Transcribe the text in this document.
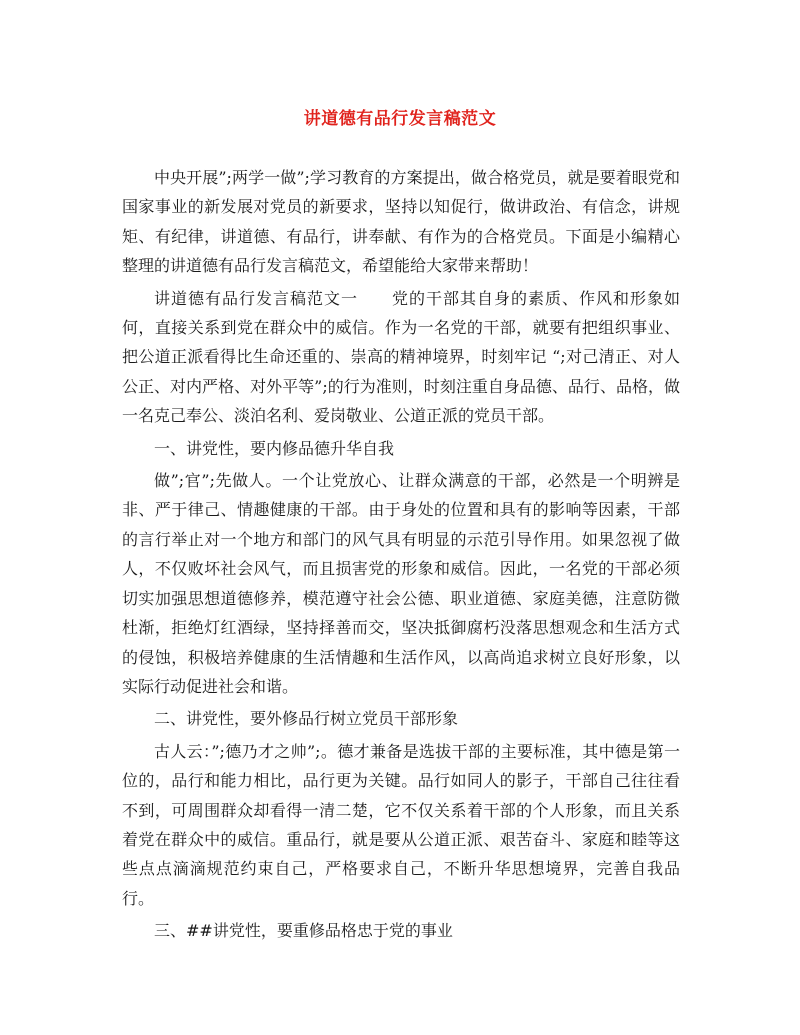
讲道德有品行发言稿范文

中央开展”;两学一做”;学习教育的方案提出，做合格党员，就是要着眼党和国家事业的新发展对党员的新要求，坚持以知促行，做讲政治、有信念，讲规矩、有纪律，讲道德、有品行，讲奉献、有作为的合格党员。下面是小编精心整理的讲道德有品行发言稿范文，希望能给大家带来帮助！

讲道德有品行发言稿范文一　　党的干部其自身的素质、作风和形象如何，直接关系到党在群众中的威信。作为一名党的干部，就要有把组织事业、把公道正派看得比生命还重的、崇高的精神境界，时刻牢记 “;对己清正、对人公正、对内严格、对外平等”;的行为准则，时刻注重自身品德、品行、品格，做一名克己奉公、淡泊名利、爱岗敬业、公道正派的党员干部。

一、讲党性，要内修品德升华自我

做”;官”;先做人。一个让党放心、让群众满意的干部，必然是一个明辨是非、严于律己、情趣健康的干部。由于身处的位置和具有的影响等因素，干部的言行举止对一个地方和部门的风气具有明显的示范引导作用。如果忽视了做人，不仅败坏社会风气，而且损害党的形象和威信。因此，一名党的干部必须切实加强思想道德修养，模范遵守社会公德、职业道德、家庭美德，注意防微杜渐，拒绝灯红酒绿，坚持择善而交，坚决抵御腐朽没落思想观念和生活方式的侵蚀，积极培养健康的生活情趣和生活作风，以高尚追求树立良好形象，以实际行动促进社会和谐。

二、讲党性，要外修品行树立党员干部形象

古人云：”;德乃才之帅”;。德才兼备是选拔干部的主要标准，其中德是第一位的，品行和能力相比，品行更为关键。品行如同人的影子，干部自己往往看不到，可周围群众却看得一清二楚，它不仅关系着干部的个人形象，而且关系着党在群众中的威信。重品行，就是要从公道正派、艰苦奋斗、家庭和睦等这些点点滴滴规范约束自己，严格要求自己，不断升华思想境界，完善自我品行。

三、##讲党性，要重修品格忠于党的事业
